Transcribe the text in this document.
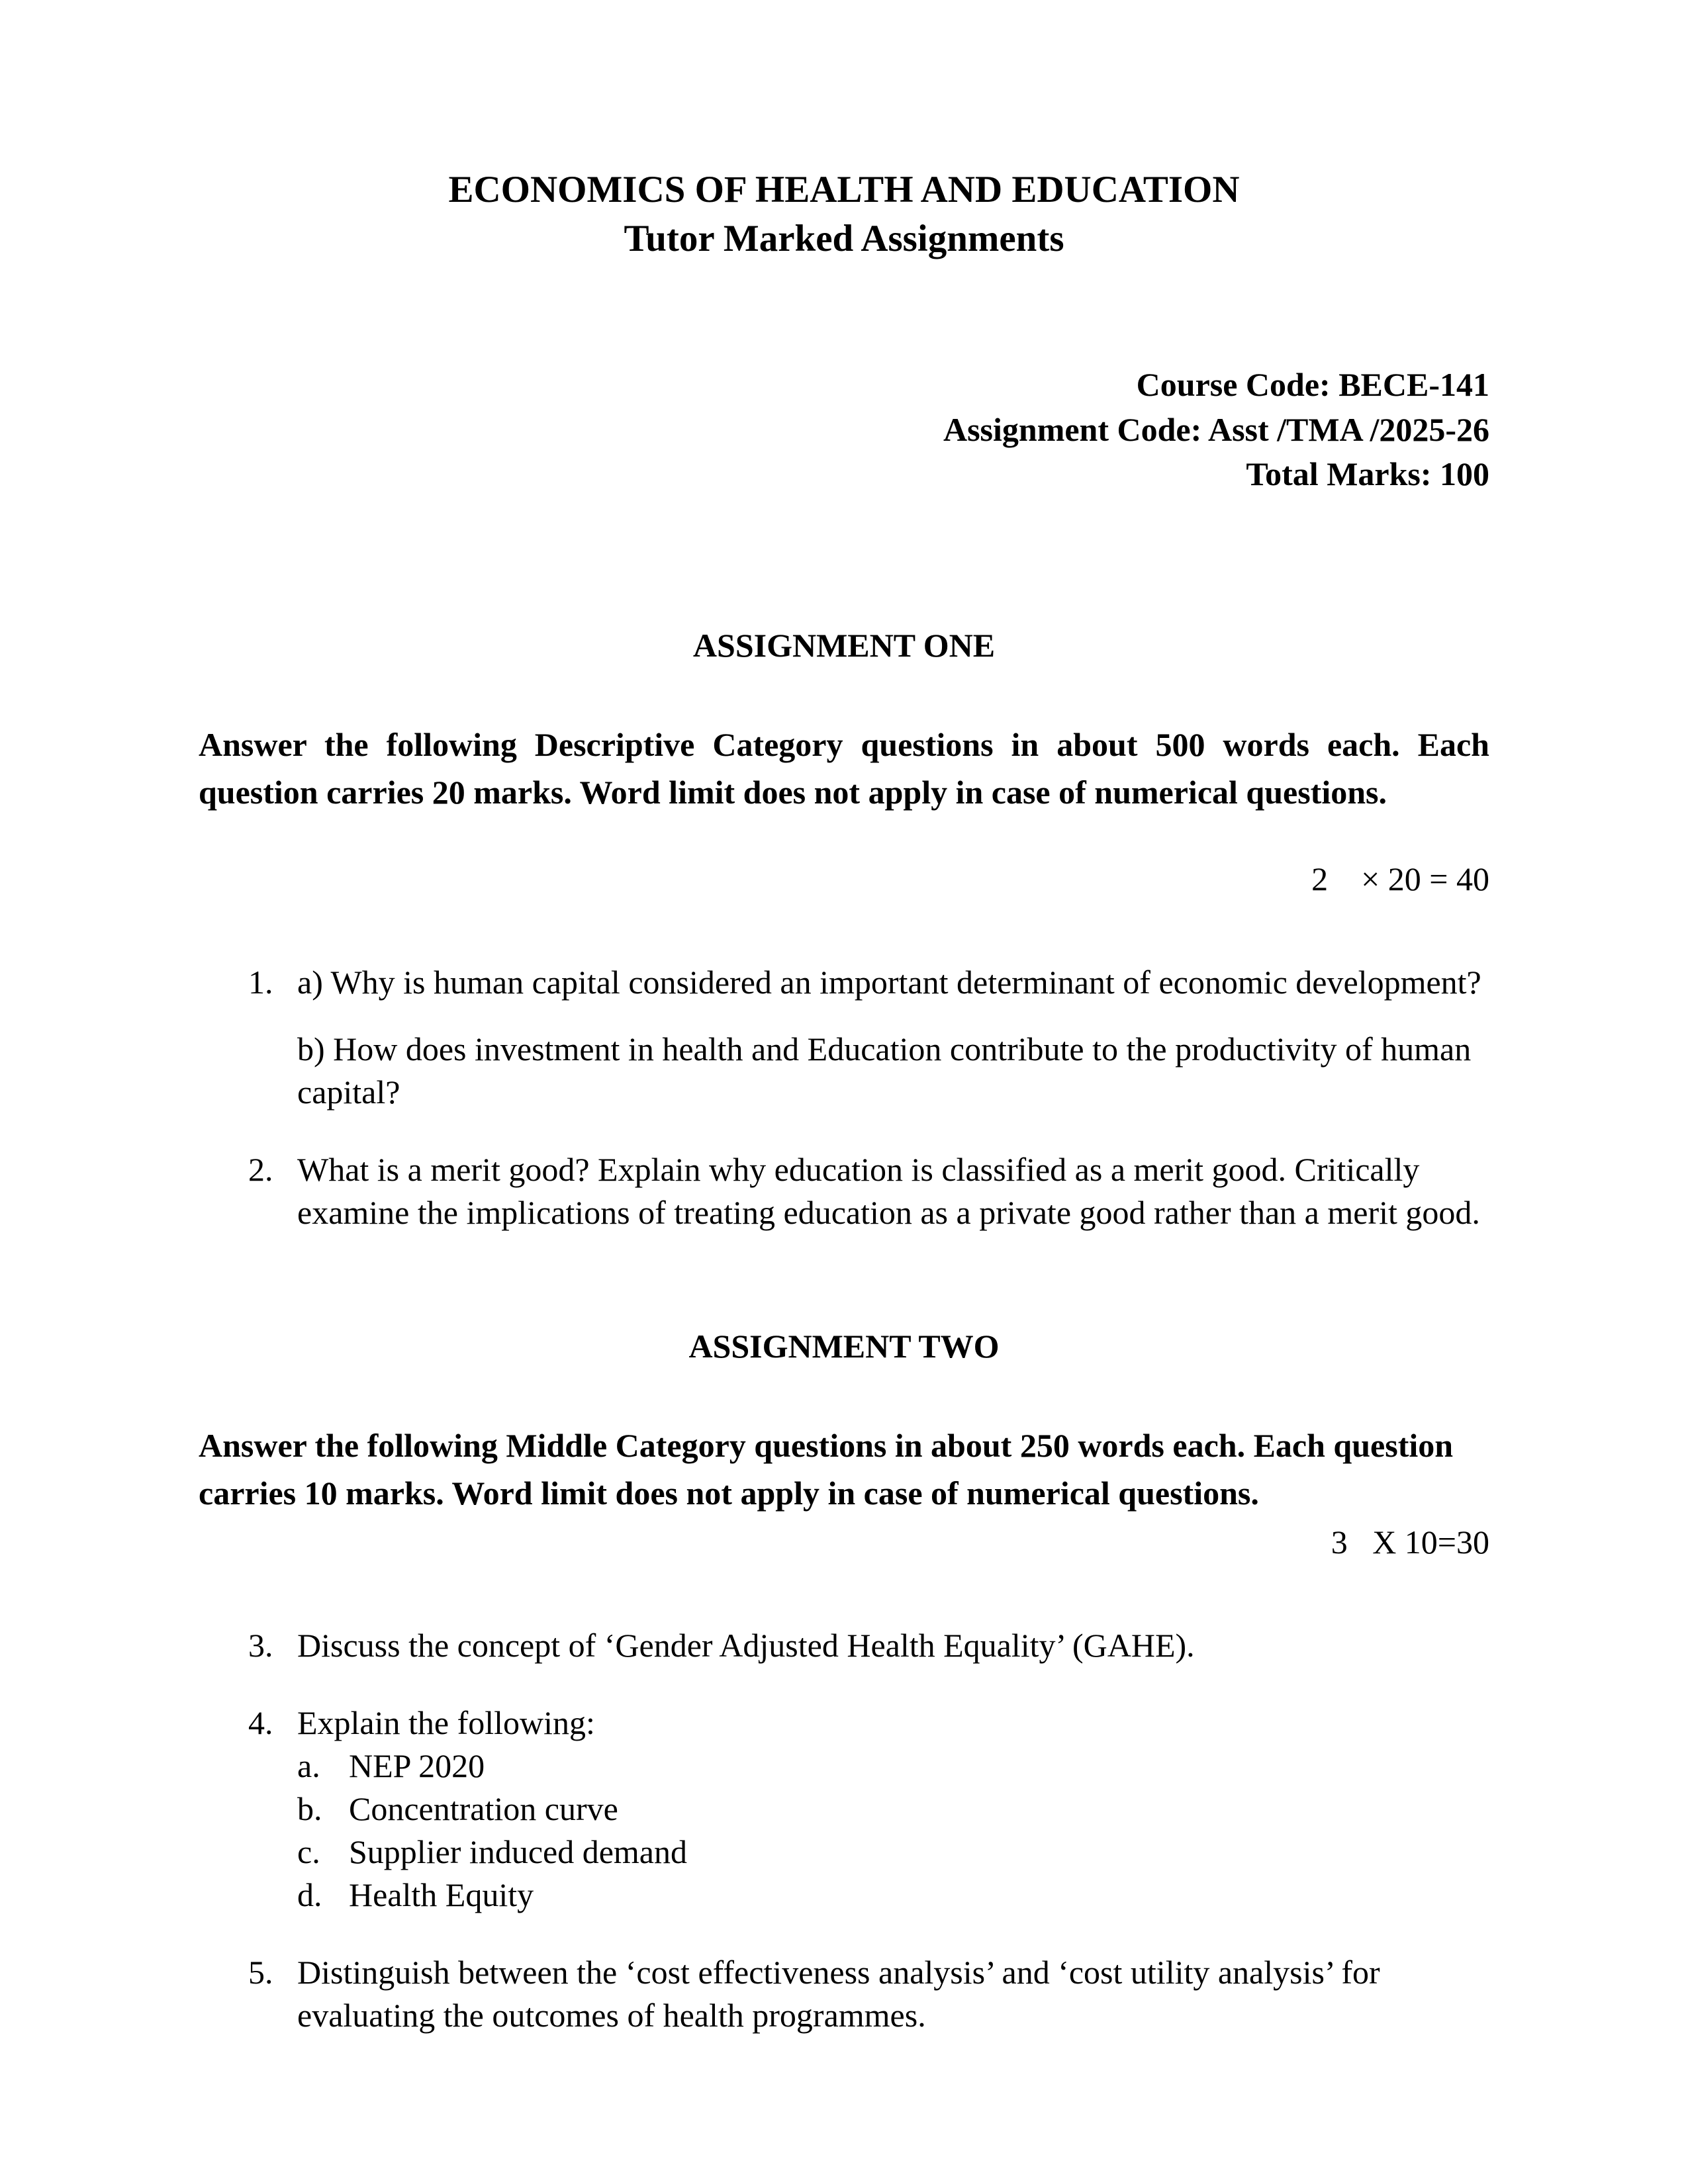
ECONOMICS OF HEALTH AND EDUCATION
Tutor Marked Assignments
Course Code: BECE-141
Assignment Code: Asst /TMA /2025-26
Total Marks: 100
ASSIGNMENT ONE

Answer the following Descriptive Category questions in about 500 words each. Each question carries 20 marks. Word limit does not apply in case of numerical questions.

2    × 20 = 40
1. a) Why is human capital considered an important determinant of economic development?

b) How does investment in health and Education contribute to the productivity of human capital?

2. What is a merit good? Explain why education is classified as a merit good. Critically examine the implications of treating education as a private good rather than a merit good.
ASSIGNMENT TWO

Answer the following Middle Category questions in about 250 words each. Each question carries 10 marks. Word limit does not apply in case of numerical questions.

3   X 10=30
3. Discuss the concept of ‘Gender Adjusted Health Equality’ (GAHE).
4. Explain the following:
a. NEP 2020
b. Concentration curve
c. Supplier induced demand
d. Health Equity
5. Distinguish between the ‘cost effectiveness analysis’ and ‘cost utility analysis’ for evaluating the outcomes of health programmes.
